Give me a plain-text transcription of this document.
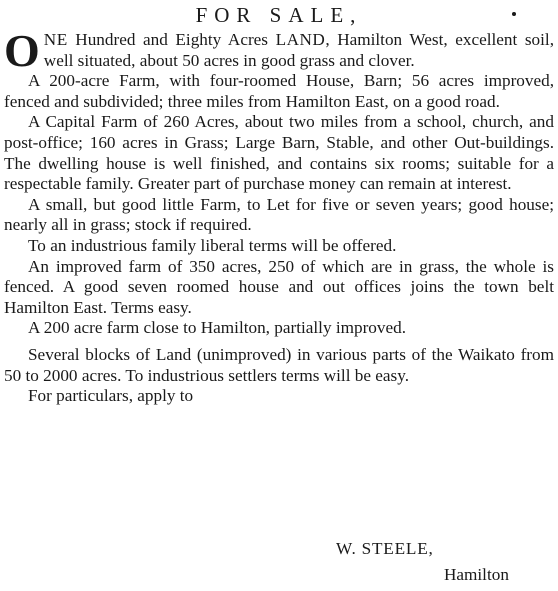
FOR SALE,

ONE Hundred and Eighty Acres LAND, Hamilton West, excellent soil, well situated, about 50 acres in good grass and clover.

A 200-acre Farm, with four-roomed House, Barn; 56 acres improved, fenced and subdivided; three miles from Hamilton East, on a good road.

A Capital Farm of 260 Acres, about two miles from a school, church, and post-office; 160 acres in Grass; Large Barn, Stable, and other Out-buildings. The dwelling house is well finished, and contains six rooms; suitable for a respectable family. Greater part of purchase money can remain at interest.

A small, but good little Farm, to Let for five or seven years; good house; nearly all in grass; stock if required.

To an industrious family liberal terms will be offered.

An improved farm of 350 acres, 250 of which are in grass, the whole is fenced. A good seven roomed house and out offices joins the town belt Hamilton East. Terms easy.

A 200 acre farm close to Hamilton, partially improved.

Several blocks of Land (unimproved) in various parts of the Waikato from 50 to 2000 acres. To industrious settlers terms will be easy.

For particulars, apply to

W. STEELE,
Hamilton
